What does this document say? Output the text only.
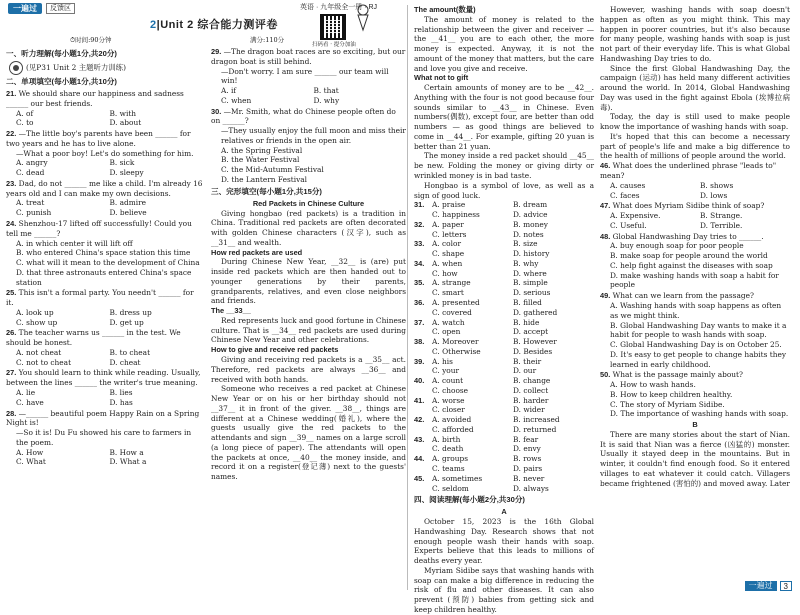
一遍过	反馈区	英语 · 九年级全一册 · RJ
扫码看 · 提分加油
2|Unit 2 综合能力测评卷
⏱时间:90分钟	满分:110分
一、听力理解(每小题1分,共20分)
(见P31 Unit 2 主题听力训练)
二、单项填空(每小题1分,共10分)
21. We should share our happiness and sadness ______ our best friends.
A. of	B. with
C. to	D. about
22. —The little boy's parents have been ______ for two years and he has to live alone.
—What a poor boy! Let's do something for him.
A. angry	B. sick
C. dead	D. sleepy
23. Dad, do not ______ me like a child. I'm already 16 years old and I can make my own decisions.
A. treat	B. admire
C. punish	D. believe
24. Shenzhou-17 lifted off successfully! Could you tell me ______?
A. in which center it will lift off
B. who entered China's space station this time
C. what will it mean to the development of China
D. that three astronauts entered China's space station
25. This isn't a formal party. You needn't ______ for it.
A. look up	B. dress up
C. show up	D. get up
26. The teacher warns us ______ in the test. We should be honest.
A. not cheat	B. to cheat
C. not to cheat	D. cheat
27. You should learn to think while reading. Usually, between the lines ______ the writer's true meaning.
A. lie	B. lies
C. have	D. has
28. —______ beautiful poem Happy Rain on a Spring Night is!
—So it is! Du Fu showed his care to farmers in the poem.
A. How	B. How a
C. What	D. What a
29. —The dragon boat races are so exciting, but our dragon boat is still behind.
—Don't worry. I am sure ______ our team will win!
A. if	B. that
C. when	D. why
30. —Mr. Smith, what do Chinese people often do on ______?
—They usually enjoy the full moon and miss their relatives or friends in the open air.
A. the Spring Festival
B. the Water Festival
C. the Mid-Autumn Festival
D. the Lantern Festival
三、完形填空(每小题1分,共15分)
Red Packets in Chinese Culture
Giving hongbao (red packets) is a tradition in China. Traditional red packets are often decorated with golden Chinese characters (汉字), such as __31__ and wealth.
How red packets are used
During Chinese New Year, __32__ is (are) put inside red packets which are then handed out to younger generations by their parents, grandparents, relatives, and even close neighbors and friends.
The __33__
Red represents luck and good fortune in Chinese culture. That is __34__ red packets are used during Chinese New Year and other celebrations.
How to give and receive red packets
Giving and receiving red packets is a __35__ act. Therefore, red packets are always __36__ and received with both hands.
Someone who receives a red packet at Chinese New Year or on his or her birthday should not __37__ it in front of the giver. __38__, things are different at a Chinese wedding(婚礼), where the guests usually give the red packets to the attendants and sign __39__ names on a large scroll (a long piece of paper). The attendants will open the packets at once, __40__ the money inside, and record it on a register(登记薄) next to the guests' names.
The amount(数量)
The amount of money is related to the relationship between the giver and receiver — the __41__ you are to each other, the more money is expected. Anyway, it is not the amount of the money that matters, but the care and love you give and receive.
What not to gift
Certain amounts of money are to be __42__. Anything with the four is not good because four sounds similar to __43__ in Chinese. Even numbers(偶数), except four, are better than odd numbers — as good things are believed to come in __44__. For example, gifting 20 yuan is better than 21 yuan.
The money inside a red packet should __45__ be new. Folding the money or giving dirty or wrinkled money is in bad taste.
Hongbao is a symbol of love, as well as a sign of good luck.
31.	A. praise	B. dream
C. happiness	D. advice
32.	A. paper	B. money
C. letters	D. notes
33.	A. color	B. size
C. shape	D. history
34.	A. when	B. why
C. how	D. where
35.	A. strange	B. simple
C. smart	D. serious
36.	A. presented	B. filled
C. covered	D. gathered
37.	A. watch	B. hide
C. open	D. accept
38.	A. Moreover	B. However
C. Otherwise	D. Besides
39.	A. his	B. their
C. your	D. our
40.	A. count	B. change
C. choose	D. collect
41.	A. worse	B. harder
C. closer	D. wider
42.	A. avoided	B. increased
C. afforded	D. returned
43.	A. birth	B. fear
C. death	D. envy
44.	A. groups	B. rows
C. teams	D. pairs
45.	A. sometimes	B. never
C. seldom	D. always
四、阅读理解(每小题2分,共30分)
A
October 15, 2023 is the 16th Global Handwashing Day. Research shows that not enough people wash their hands with soap. Experts believe that this leads to millions of deaths every year.
Myriam Sidibe says that washing hands with soap can make a big difference in reducing the risk of flu and other diseases. It can also prevent (预防) babies from getting sick and keep children healthy.
However, washing hands with soap doesn't happen as often as you might think. This may happen in poorer countries, but it's also because for many people, washing hands with soap is just not part of their everyday life. This is what Global Handwashing Day tries to do.
Since the first Global Handwashing Day, the campaign (运动) has held many different activities around the world. In 2014, Global Handwashing Day was used in the fight against Ebola (埃博拉病毒).
Today, the day is still used to make people know the importance of washing hands with soap.
It's hoped that this can become a necessary part of people's life and make a big difference to the health of millions of people around the world.
46. What does the underlined phrase "leads to" mean?
A. causes	B. shows
C. faces	D. lows
47. What does Myriam Sidibe think of soap?
A. Expensive.	B. Strange.
C. Useful.	D. Terrible.
48. Global Handwashing Day tries to ______.
A. buy enough soap for poor people
B. make soap for people around the world
C. help fight against the diseases with soap
D. make washing hands with soap a habit for people
49. What can we learn from the passage?
A. Washing hands with soap happens as often as we might think.
B. Global Handwashing Day wants to make it a habit for people to wash hands with soap.
C. Global Handwashing Day is on October 25.
D. It's easy to get people to change habits they learned in early childhood.
50. What is the passage mainly about?
A. How to wash hands.
B. How to keep children healthy.
C. The story of Myriam Sidibe.
D. The importance of washing hands with soap.
B
There are many stories about the start of Nian. It is said that Nian was a fierce (凶猛的) monster. Usually it stayed deep in the mountains. But in winter, it couldn't find enough food. So it entered villages to eat whatever it could catch. Villagers became frightened (害怕的) and moved away. Later
一遍过	3
